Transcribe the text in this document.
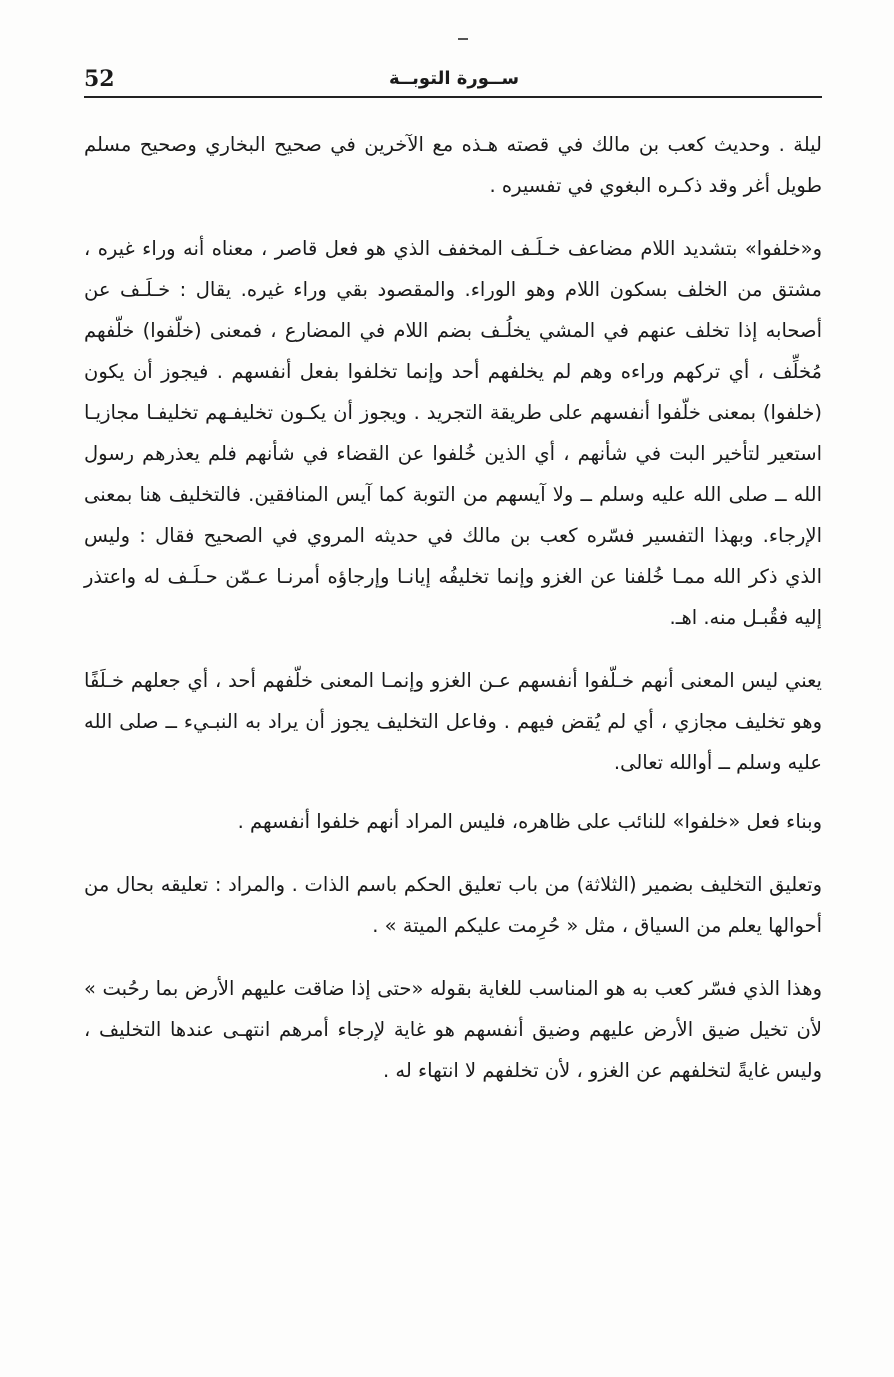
52	ســورة التوبــة

ليلة . وحديث كعب بن مالك في قصته هـذه مع الآخرين في صحيح البخاري وصحيح مسلم طويل أغر وقد ذكـره البغوي في تفسيره .

و«خلفوا» بتشديد اللام مضاعف خـلَـف المخفف الذي هو فعل قاصر ، معناه أنه وراء غيره ، مشتق من الخلف بسكون اللام وهو الوراء. والمقصود بقي وراء غيره. يقال : خـلَـف عن أصحابه إذا تخلف عنهم في المشي يخلُـف بضم اللام في المضارع ، فمعنى (خلّفوا) خلّفهم مُخلِّف ، أي تركهم وراءه وهم لم يخلفهم أحد وإنما تخلفوا بفعل أنفسهم . فيجوز أن يكون (خلفوا) بمعنى خلّفوا أنفسهم على طريقة التجريد . ويجوز أن يكـون تخليفـهم تخليفـا مجازيـا استعير لتأخير البت في شأنهم ، أي الذين خُلفوا عن القضاء في شأنهم فلم يعذرهم رسول الله ــ صلى الله عليه وسلم ــ ولا آيسهم من التوبة كما آيس المنافقين. فالتخليف هنا بمعنى الإرجاء. وبهذا التفسير فسّره كعب بن مالك في حديثه المروي في الصحيح فقال : وليس الذي ذكر الله ممـا خُلفنا عن الغزو وإنما تخليفُه إيانـا وإرجاؤه أمرنـا عـمّن حـلَـف له واعتذر إليه فقُبـل منه. اهـ.

يعني ليس المعنى أنهم خـلّفوا أنفسهم عـن الغزو وإنمـا المعنى خلّفهم أحد ، أي جعلهم خـلَفًا وهو تخليف مجازي ، أي لم يُقض فيهم . وفاعل التخليف يجوز أن يراد به النبـيء ــ صلى الله عليه وسلم ــ أوالله تعالى.

وبناء فعل «خلفوا» للنائب على ظاهره، فليس المراد أنهم خلفوا أنفسهم .

وتعليق التخليف بضمير (الثلاثة) من باب تعليق الحكم باسم الذات . والمراد : تعليقه بحال من أحوالها يعلم من السياق ، مثل « حُرِمت عليكم الميتة » .

وهذا الذي فسّر كعب به هو المناسب للغاية بقوله «حتى إذا ضاقت عليهم الأرض بما رحُبت » لأن تخيل ضيق الأرض عليهم وضيق أنفسهم هو غاية لإرجاء أمرهم انتهـى عندها التخليف ، وليس غايةً لتخلفهم عن الغزو ، لأن تخلفهم لا انتهاء له .
